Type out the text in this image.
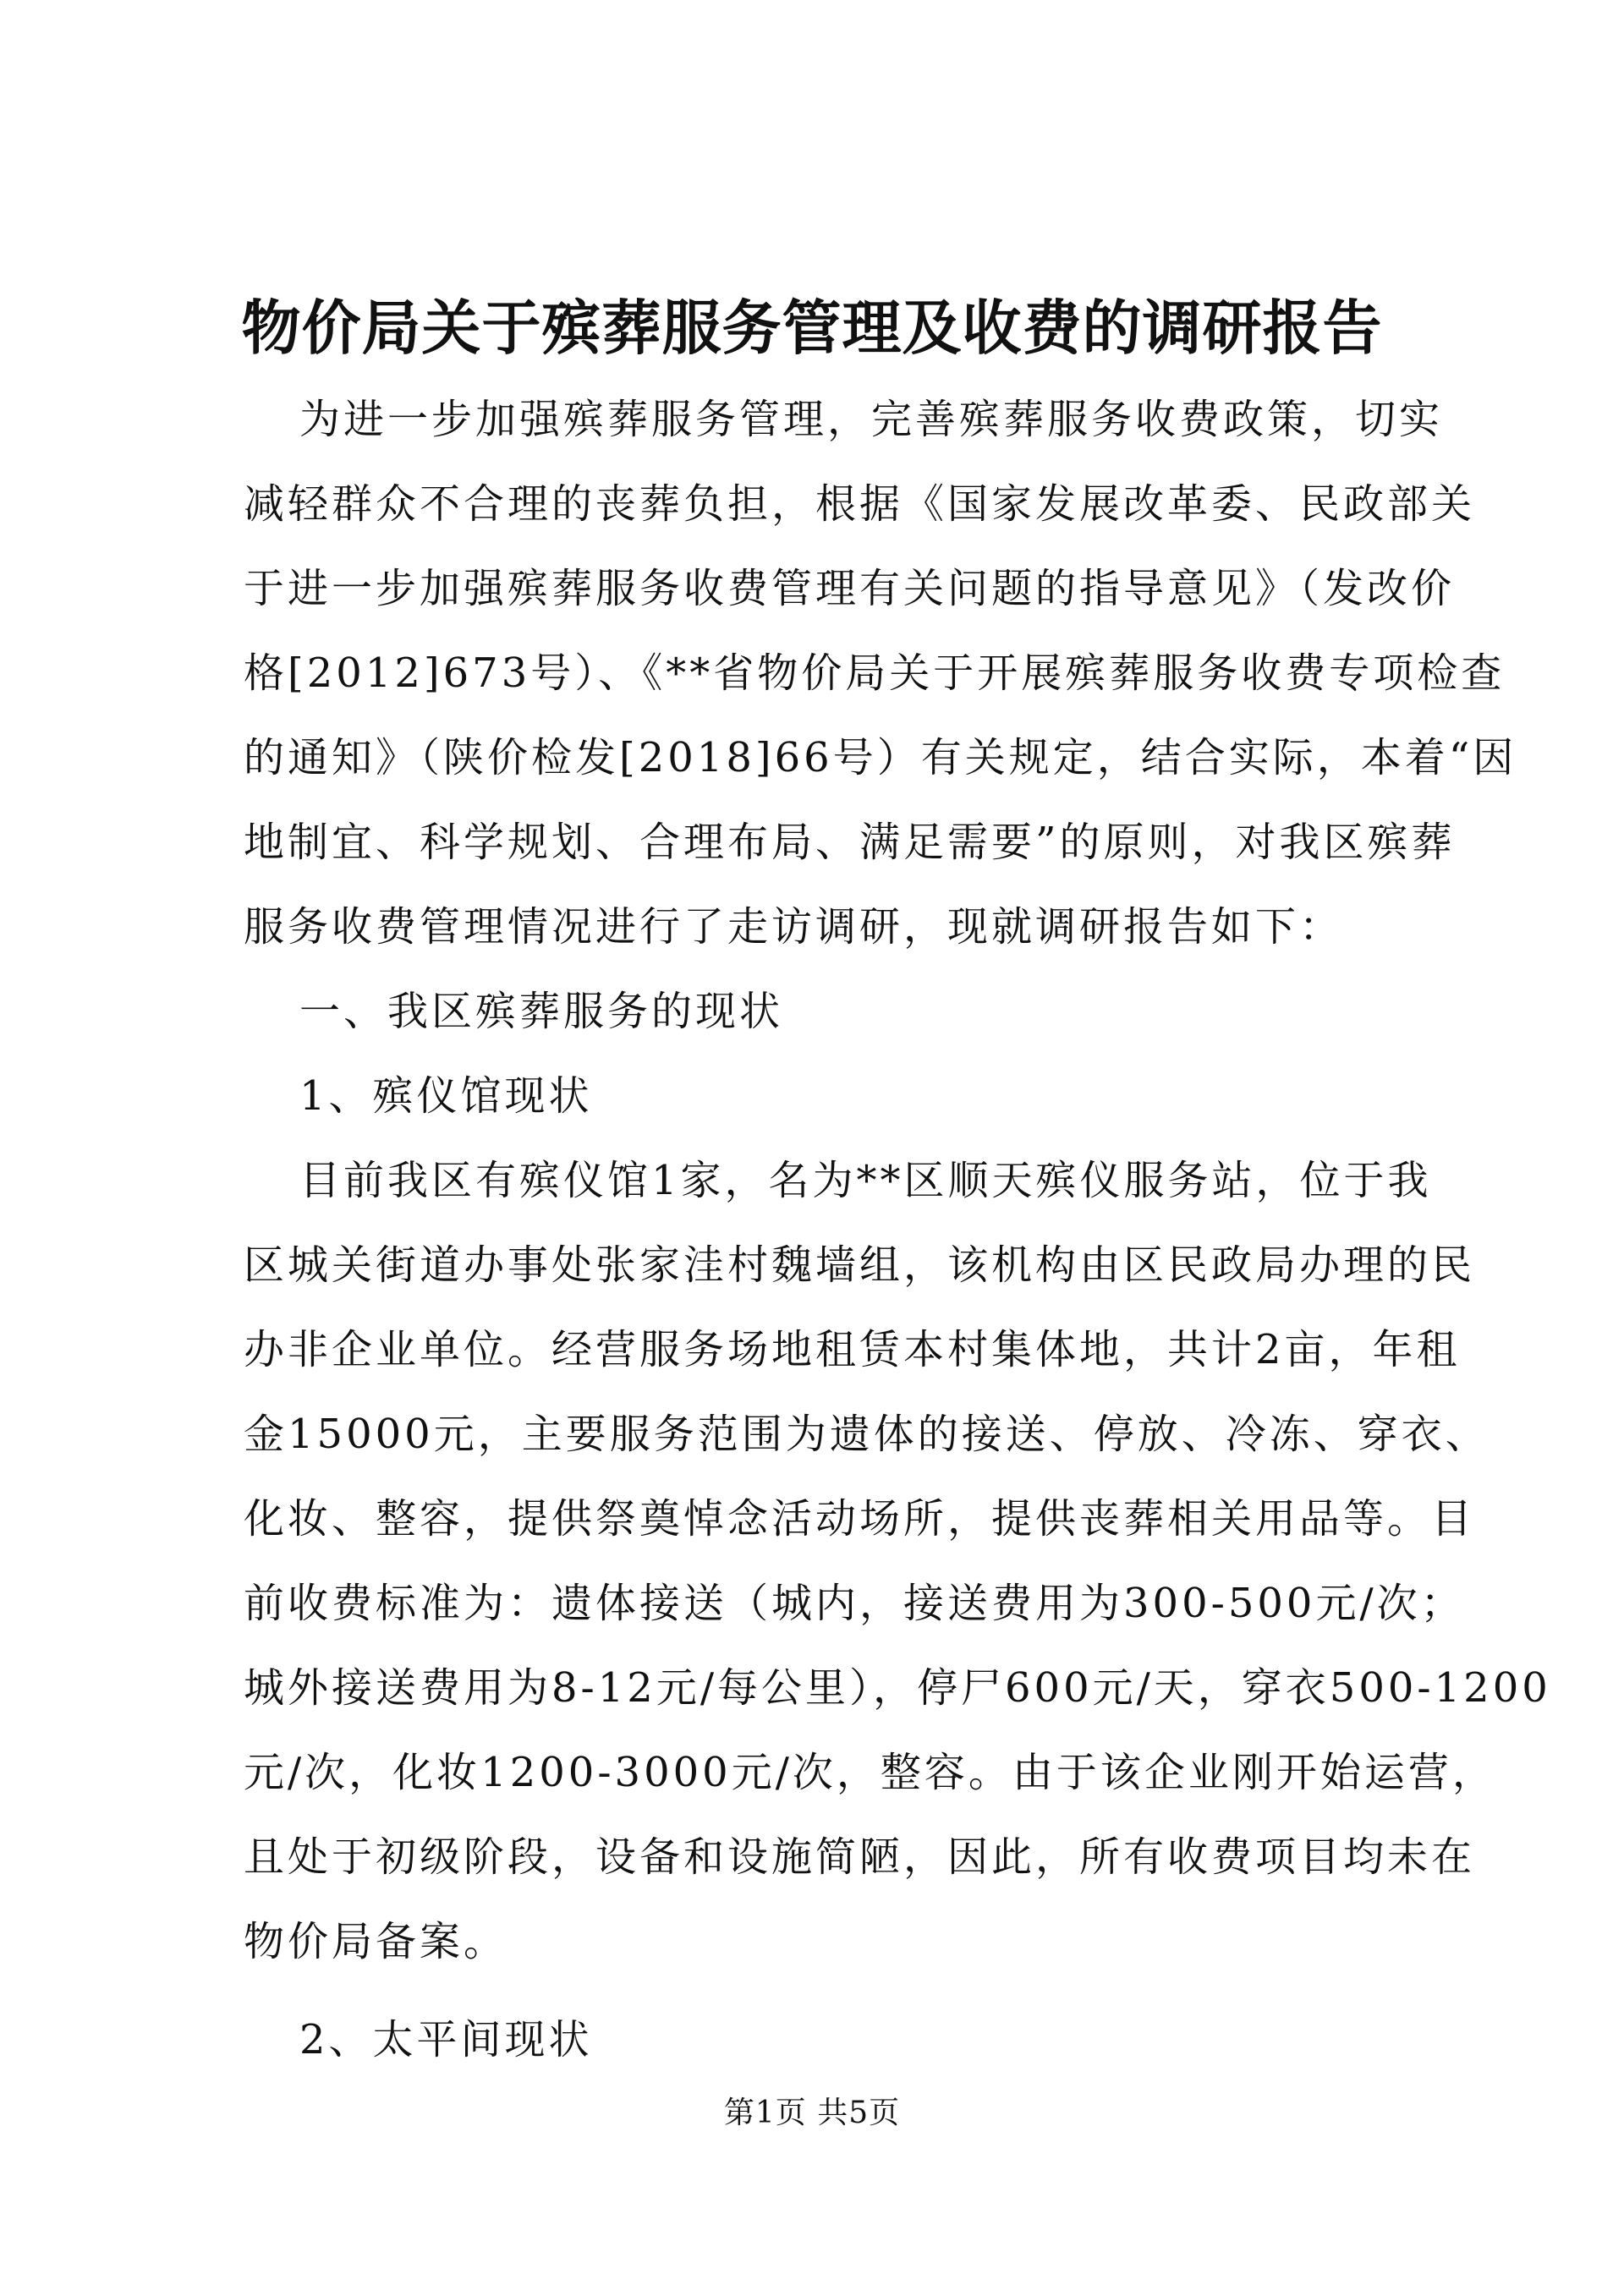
物价局关于殡葬服务管理及收费的调研报告
为进一步加强殡葬服务管理，完善殡葬服务收费政策，切实
减轻群众不合理的丧葬负担，根据《国家发展改革委、民政部关
于进一步加强殡葬服务收费管理有关问题的指导意见》（发改价
格[2012]673号）、《**省物价局关于开展殡葬服务收费专项检查
的通知》（陕价检发[2018]66号）有关规定，结合实际，本着“因
地制宜、科学规划、合理布局、满足需要”的原则，对我区殡葬
服务收费管理情况进行了走访调研，现就调研报告如下：
一、我区殡葬服务的现状
1、殡仪馆现状
目前我区有殡仪馆1家，名为**区顺天殡仪服务站，位于我
区城关街道办事处张家洼村魏墙组，该机构由区民政局办理的民
办非企业单位。经营服务场地租赁本村集体地，共计2亩，年租
金15000元，主要服务范围为遗体的接送、停放、冷冻、穿衣、
化妆、整容，提供祭奠悼念活动场所，提供丧葬相关用品等。目
前收费标准为：遗体接送（城内，接送费用为300-500元/次；
城外接送费用为8-12元/每公里），停尸600元/天，穿衣500-1200
元/次，化妆1200-3000元/次，整容。由于该企业刚开始运营，
且处于初级阶段，设备和设施简陋，因此，所有收费项目均未在
物价局备案。
2、太平间现状
第1页 共5页
